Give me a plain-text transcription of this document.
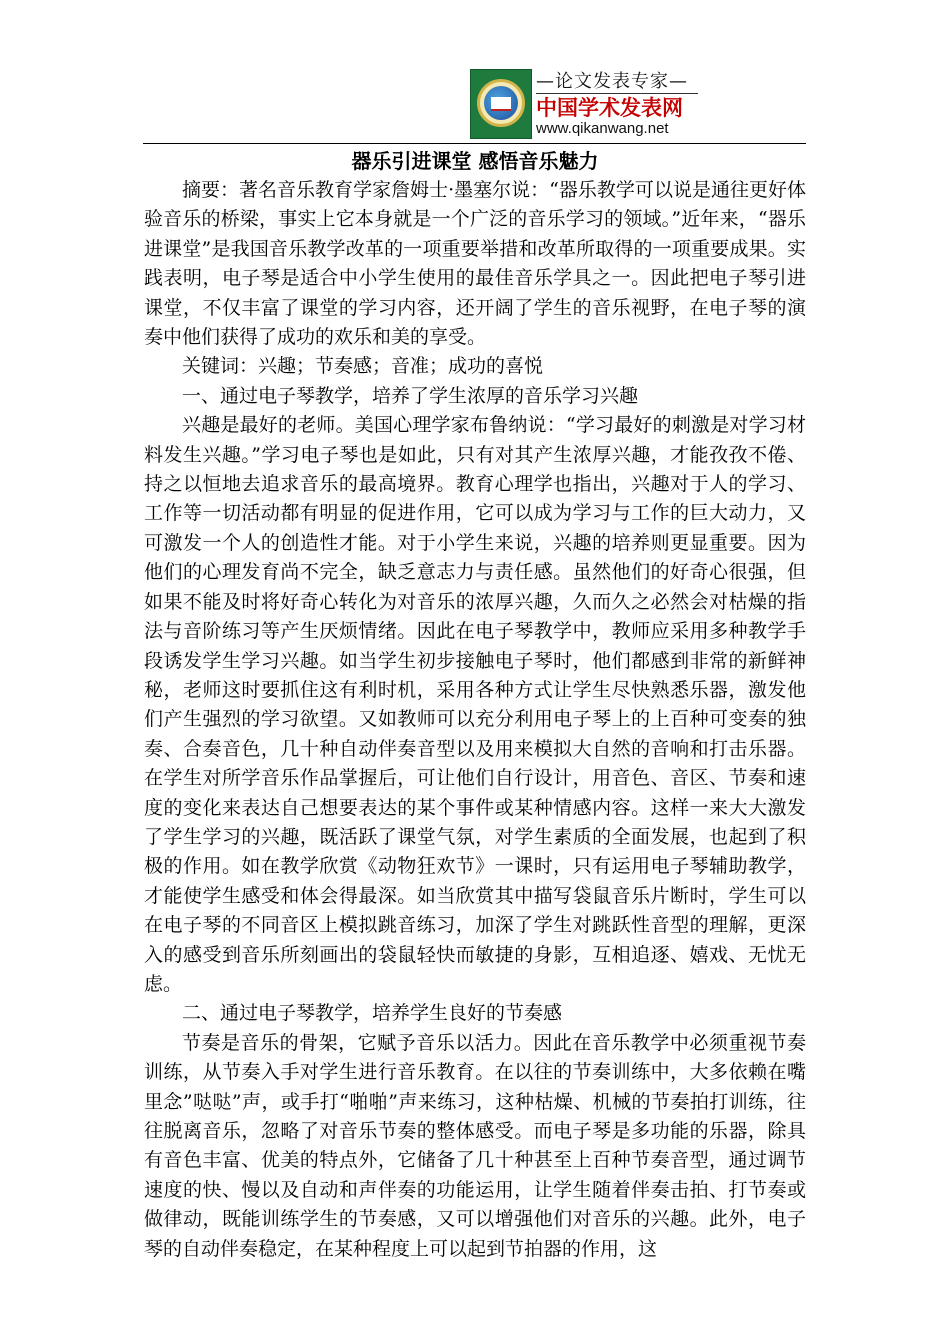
—论文发表专家—
中国学术发表网
www.qikanwang.net
器乐引进课堂 感悟音乐魅力

摘要：著名音乐教育学家詹姆士·墨塞尔说：“器乐教学可以说是通往更好体验音乐的桥梁，事实上它本身就是一个广泛的音乐学习的领域。”近年来，“器乐进课堂”是我国音乐教学改革的一项重要举措和改革所取得的一项重要成果。实践表明，电子琴是适合中小学生使用的最佳音乐学具之一。因此把电子琴引进课堂，不仅丰富了课堂的学习内容，还开阔了学生的音乐视野，在电子琴的演奏中他们获得了成功的欢乐和美的享受。

关键词：兴趣；节奏感；音准；成功的喜悦

一、通过电子琴教学，培养了学生浓厚的音乐学习兴趣

兴趣是最好的老师。美国心理学家布鲁纳说：“学习最好的刺激是对学习材料发生兴趣。”学习电子琴也是如此，只有对其产生浓厚兴趣，才能孜孜不倦、持之以恒地去追求音乐的最高境界。教育心理学也指出，兴趣对于人的学习、工作等一切活动都有明显的促进作用，它可以成为学习与工作的巨大动力，又可激发一个人的创造性才能。对于小学生来说，兴趣的培养则更显重要。因为他们的心理发育尚不完全，缺乏意志力与责任感。虽然他们的好奇心很强，但如果不能及时将好奇心转化为对音乐的浓厚兴趣，久而久之必然会对枯燥的指法与音阶练习等产生厌烦情绪。因此在电子琴教学中，教师应采用多种教学手段诱发学生学习兴趣。如当学生初步接触电子琴时，他们都感到非常的新鲜神秘，老师这时要抓住这有利时机，采用各种方式让学生尽快熟悉乐器，激发他们产生强烈的学习欲望。又如教师可以充分利用电子琴上的上百种可变奏的独奏、合奏音色，几十种自动伴奏音型以及用来模拟大自然的音响和打击乐器。在学生对所学音乐作品掌握后，可让他们自行设计，用音色、音区、节奏和速度的变化来表达自己想要表达的某个事件或某种情感内容。这样一来大大激发了学生学习的兴趣，既活跃了课堂气氛，对学生素质的全面发展，也起到了积极的作用。如在教学欣赏《动物狂欢节》一课时，只有运用电子琴辅助教学，才能使学生感受和体会得最深。如当欣赏其中描写袋鼠音乐片断时，学生可以在电子琴的不同音区上模拟跳音练习，加深了学生对跳跃性音型的理解，更深入的感受到音乐所刻画出的袋鼠轻快而敏捷的身影，互相追逐、嬉戏、无忧无虑。

二、通过电子琴教学，培养学生良好的节奏感

节奏是音乐的骨架，它赋予音乐以活力。因此在音乐教学中必须重视节奏训练，从节奏入手对学生进行音乐教育。在以往的节奏训练中，大多依赖在嘴里念”哒哒”声，或手打“啪啪”声来练习，这种枯燥、机械的节奏拍打训练，往往脱离音乐，忽略了对音乐节奏的整体感受。而电子琴是多功能的乐器，除具有音色丰富、优美的特点外，它储备了几十种甚至上百种节奏音型，通过调节速度的快、慢以及自动和声伴奏的功能运用，让学生随着伴奏击拍、打节奏或做律动，既能训练学生的节奏感，又可以增强他们对音乐的兴趣。此外，电子琴的自动伴奏稳定，在某种程度上可以起到节拍器的作用，这
